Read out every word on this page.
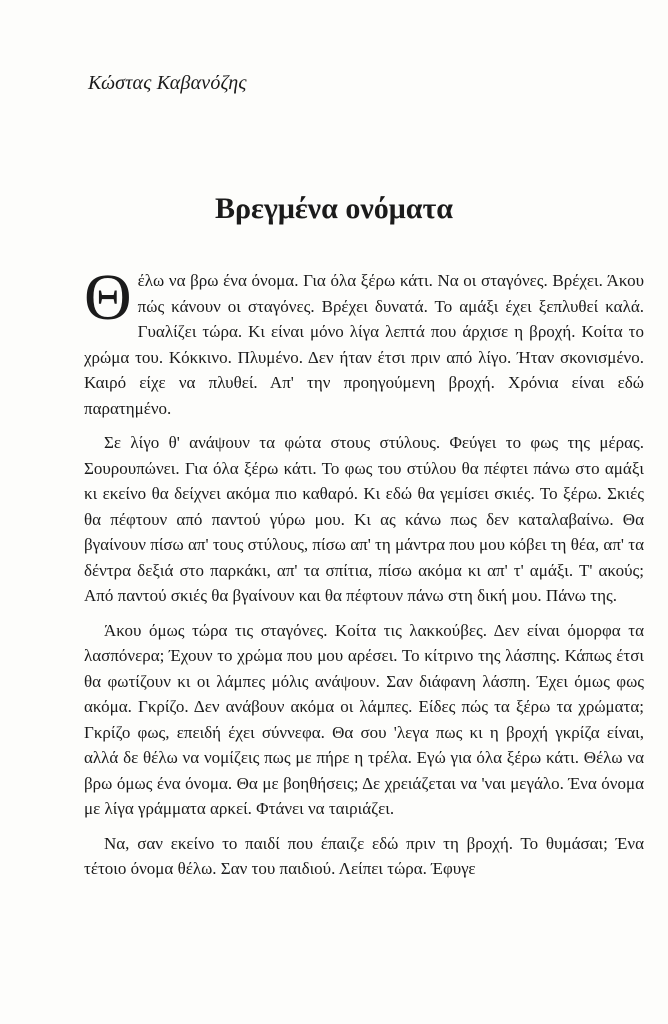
Κώστας Καβανόζης
Βρεγμένα ονόματα

Θέλω να βρω ένα όνομα. Για όλα ξέρω κάτι. Να οι σταγόνες. Βρέχει. Άκου πώς κάνουν οι σταγόνες. Βρέχει δυνατά. Το αμάξι έχει ξεπλυθεί καλά. Γυαλίζει τώρα. Κι είναι μόνο λίγα λεπτά που άρχισε η βροχή. Κοίτα το χρώμα του. Κόκκινο. Πλυμένο. Δεν ήταν έτσι πριν από λίγο. Ήταν σκονισμένο. Καιρό είχε να πλυθεί. Απ' την προηγούμενη βροχή. Χρόνια είναι εδώ παρατημένο.

Σε λίγο θ' ανάψουν τα φώτα στους στύλους. Φεύγει το φως της μέρας. Σουρουπώνει. Για όλα ξέρω κάτι. Το φως του στύλου θα πέφτει πάνω στο αμάξι κι εκείνο θα δείχνει ακόμα πιο καθαρό. Κι εδώ θα γεμίσει σκιές. Το ξέρω. Σκιές θα πέφτουν από παντού γύρω μου. Κι ας κάνω πως δεν καταλαβαίνω. Θα βγαίνουν πίσω απ' τους στύλους, πίσω απ' τη μάντρα που μου κόβει τη θέα, απ' τα δέντρα δεξιά στο παρκάκι, απ' τα σπίτια, πίσω ακόμα κι απ' τ' αμάξι. Τ' ακούς; Από παντού σκιές θα βγαίνουν και θα πέφτουν πάνω στη δική μου. Πάνω της.

Άκου όμως τώρα τις σταγόνες. Κοίτα τις λακκούβες. Δεν είναι όμορφα τα λασπόνερα; Έχουν το χρώμα που μου αρέσει. Το κίτρινο της λάσπης. Κάπως έτσι θα φωτίζουν κι οι λάμπες μόλις ανάψουν. Σαν διάφανη λάσπη. Έχει όμως φως ακόμα. Γκρίζο. Δεν ανάβουν ακόμα οι λάμπες. Είδες πώς τα ξέρω τα χρώματα; Γκρίζο φως, επειδή έχει σύννεφα. Θα σου 'λεγα πως κι η βροχή γκρίζα είναι, αλλά δε θέλω να νομίζεις πως με πήρε η τρέλα. Εγώ για όλα ξέρω κάτι. Θέλω να βρω όμως ένα όνομα. Θα με βοηθήσεις; Δε χρειάζεται να 'ναι μεγάλο. Ένα όνομα με λίγα γράμματα αρκεί. Φτάνει να ταιριάζει.

Να, σαν εκείνο το παιδί που έπαιζε εδώ πριν τη βροχή. Το θυμάσαι; Ένα τέτοιο όνομα θέλω. Σαν του παιδιού. Λείπει τώρα. Έφυγε
